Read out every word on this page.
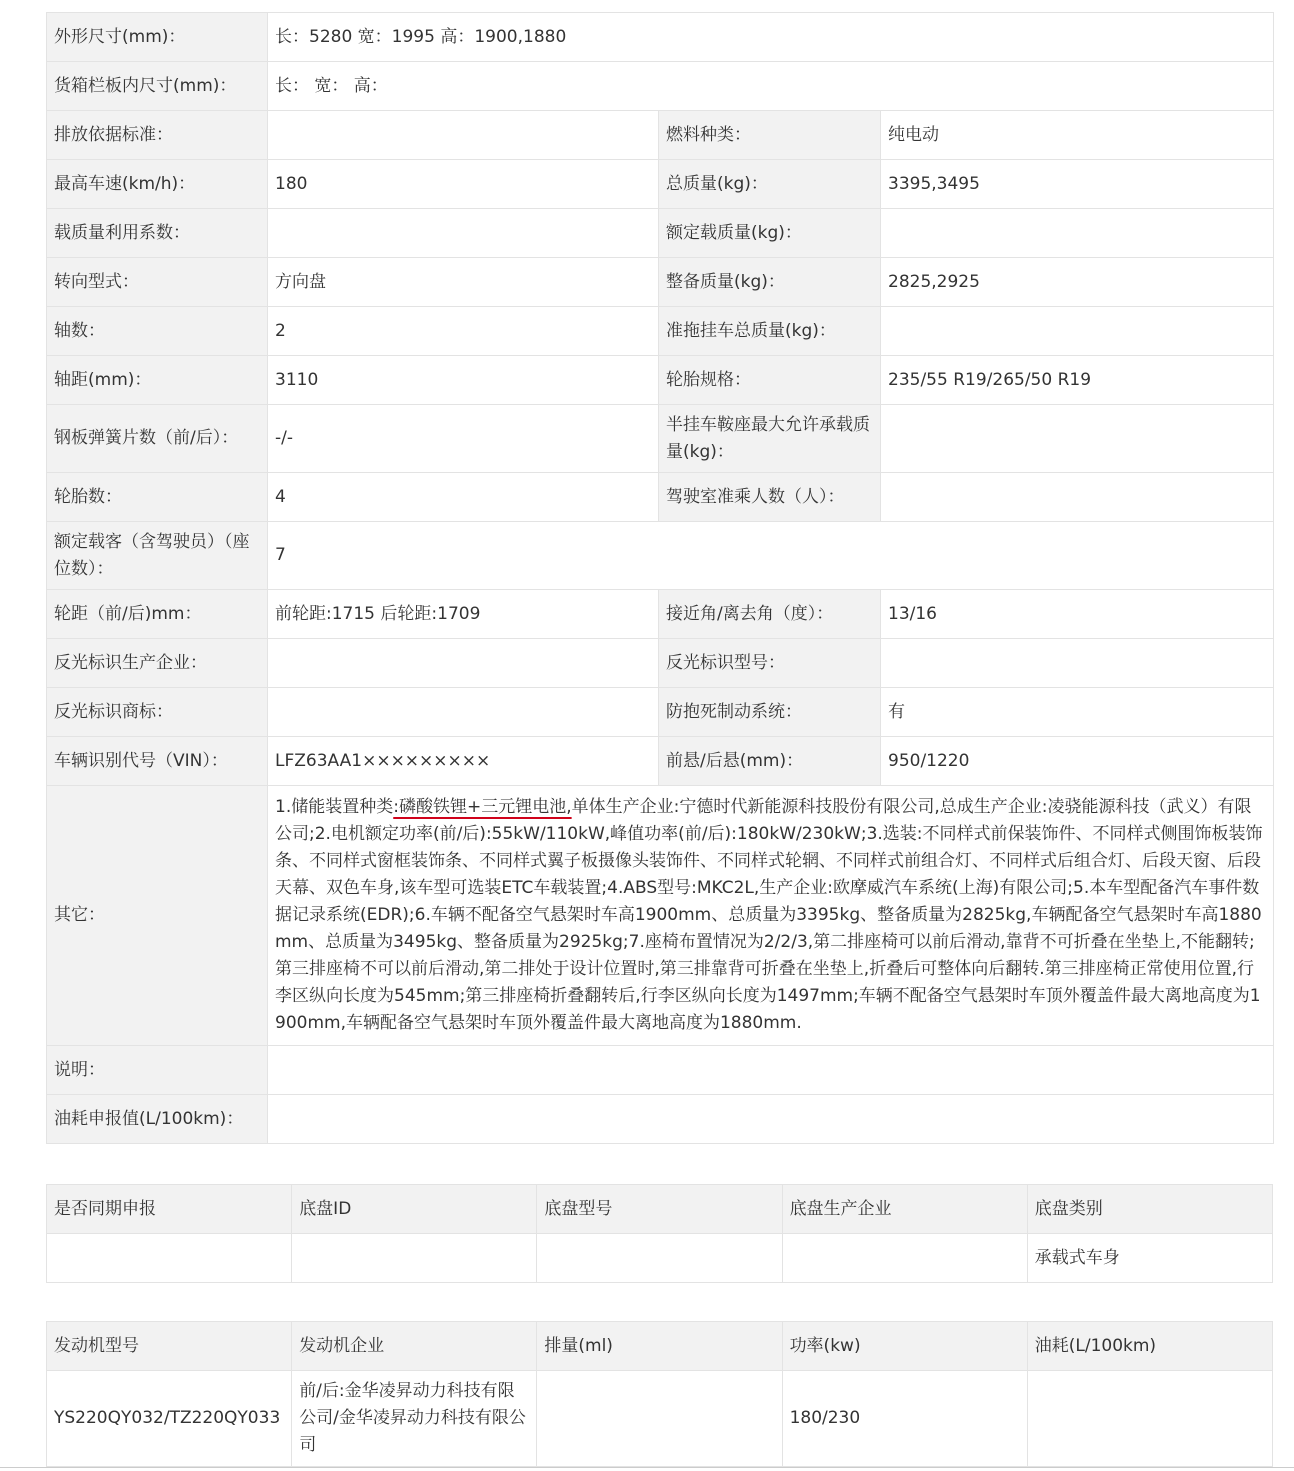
外形尺寸(mm)：	长：5280 宽：1995 高：1900,1880		
货箱栏板内尺寸(mm)：	长： 宽： 高：		
排放依据标准：		燃料种类：	纯电动
最高车速(km/h)：	180	总质量(kg)：	3395,3495
载质量利用系数：		额定载质量(kg)：	
转向型式：	方向盘	整备质量(kg)：	2825,2925
轴数：	2	准拖挂车总质量(kg)：	
轴距(mm)：	3110	轮胎规格：	235/55 R19/265/50 R19
钢板弹簧片数（前/后）：	-/-	半挂车鞍座最大允许承载质量(kg)：	
轮胎数：	4	驾驶室准乘人数（人）：	
额定载客（含驾驶员）（座位数）：	7		
轮距（前/后)mm：	前轮距:1715 后轮距:1709	接近角/离去角（度）：	13/16
反光标识生产企业：		反光标识型号：	
反光标识商标：		防抱死制动系统：	有
车辆识别代号（VIN）：	LFZ63AA1×××××××××	前悬/后悬(mm)：	950/1220
其它：	1.储能装置种类:磷酸铁锂+三元锂电池,单体生产企业:宁德时代新能源科技股份有限公司,总成生产企业:凌骁能源科技（武义）有限公司;2.电机额定功率(前/后):55kW/110kW,峰值功率(前/后):180kW/230kW;3.选装:不同样式前保装饰件、不同样式侧围饰板装饰条、不同样式窗框装饰条、不同样式翼子板摄像头装饰件、不同样式轮辋、不同样式前组合灯、不同样式后组合灯、后段天窗、后段天幕、双色车身,该车型可选装ETC车载装置;4.ABS型号:MKC2L,生产企业:欧摩威汽车系统(上海)有限公司;5.本车型配备汽车事件数据记录系统(EDR);6.车辆不配备空气悬架时车高1900mm、总质量为3395kg、整备质量为2825kg,车辆配备空气悬架时车高1880mm、总质量为3495kg、整备质量为2925kg;7.座椅布置情况为2/2/3,第二排座椅可以前后滑动,靠背不可折叠在坐垫上,不能翻转;第三排座椅不可以前后滑动,第二排处于设计位置时,第三排靠背可折叠在坐垫上,折叠后可整体向后翻转.第三排座椅正常使用位置,行李区纵向长度为545mm;第三排座椅折叠翻转后,行李区纵向长度为1497mm;车辆不配备空气悬架时车顶外覆盖件最大离地高度为1900mm,车辆配备空气悬架时车顶外覆盖件最大离地高度为1880mm.		
说明：			
油耗申报值(L/100km)：			
是否同期申报	底盘ID	底盘型号	底盘生产企业	底盘类别
				承载式车身
发动机型号	发动机企业	排量(ml)	功率(kw)	油耗(L/100km)
YS220QY032/TZ220QY033	前/后:金华凌昇动力科技有限公司/金华凌昇动力科技有限公司		180/230	
